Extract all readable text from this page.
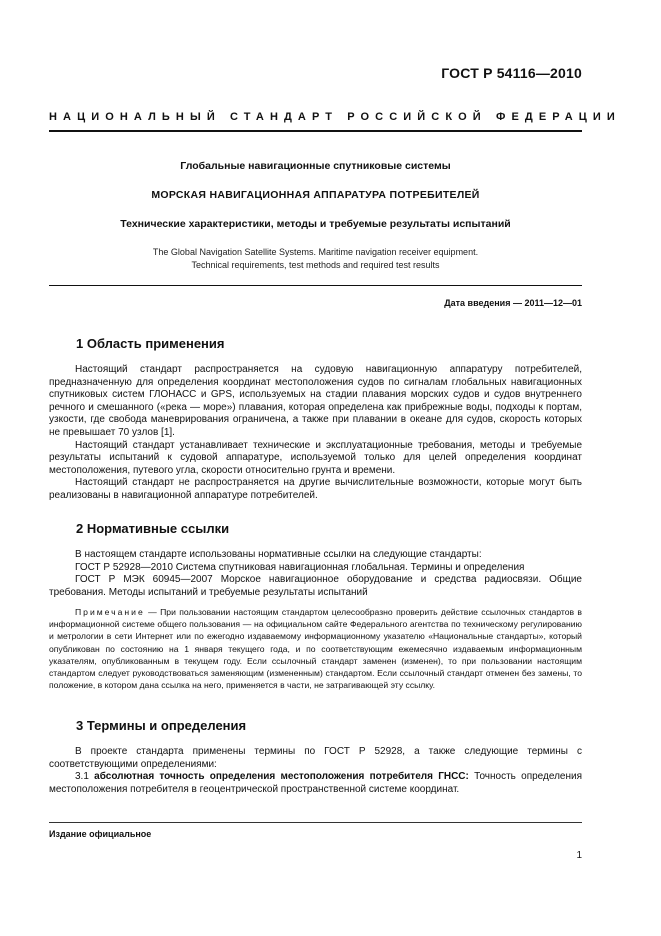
ГОСТ Р 54116—2010
НАЦИОНАЛЬНЫЙ СТАНДАРТ РОССИЙСКОЙ ФЕДЕРАЦИИ
Глобальные навигационные спутниковые системы
МОРСКАЯ НАВИГАЦИОННАЯ АППАРАТУРА ПОТРЕБИТЕЛЕЙ
Технические характеристики, методы и требуемые результаты испытаний
The Global Navigation Satellite Systems. Maritime navigation receiver equipment.
Technical requirements, test methods and required test results
Дата введения — 2011—12—01
1 Область применения

Настоящий стандарт распространяется на судовую навигационную аппаратуру потребителей, предназначенную для определения координат местоположения судов по сигналам глобальных навигационных спутниковых систем ГЛОНАСС и GPS, используемых на стадии плавания морских судов и судов внутреннего речного и смешанного («река — море») плавания, которая определена как прибрежные воды, подходы к портам, узкости, где свобода маневрирования ограничена, а также при плавании в океане для судов, скорость которых не превышает 70 узлов [1].

Настоящий стандарт устанавливает технические и эксплуатационные требования, методы и требуемые результаты испытаний к судовой аппаратуре, используемой только для целей определения координат местоположения, путевого угла, скорости относительно грунта и времени.

Настоящий стандарт не распространяется на другие вычислительные возможности, которые могут быть реализованы в навигационной аппаратуре потребителей.

2 Нормативные ссылки

В настоящем стандарте использованы нормативные ссылки на следующие стандарты:

ГОСТ Р 52928—2010 Система спутниковая навигационная глобальная. Термины и определения

ГОСТ Р МЭК 60945—2007 Морское навигационное оборудование и средства радиосвязи. Общие требования. Методы испытаний и требуемые результаты испытаний

Примечание — При пользовании настоящим стандартом целесообразно проверить действие ссылочных стандартов в информационной системе общего пользования — на официальном сайте Федерального агентства по техническому регулированию и метрологии в сети Интернет или по ежегодно издаваемому информационному указателю «Национальные стандарты», который опубликован по состоянию на 1 января текущего года, и по соответствующим ежемесячно издаваемым информационным указателям, опубликованным в текущем году. Если ссылочный стандарт заменен (изменен), то при пользовании настоящим стандартом следует руководствоваться заменяющим (измененным) стандартом. Если ссылочный стандарт отменен без замены, то положение, в котором дана ссылка на него, применяется в части, не затрагивающей эту ссылку.

3 Термины и определения

В проекте стандарта применены термины по ГОСТ Р 52928, а также следующие термины с соответствующими определениями:

3.1 абсолютная точность определения местоположения потребителя ГНСС: Точность определения местоположения потребителя в геоцентрической пространственной системе координат.

Издание официальное
1
